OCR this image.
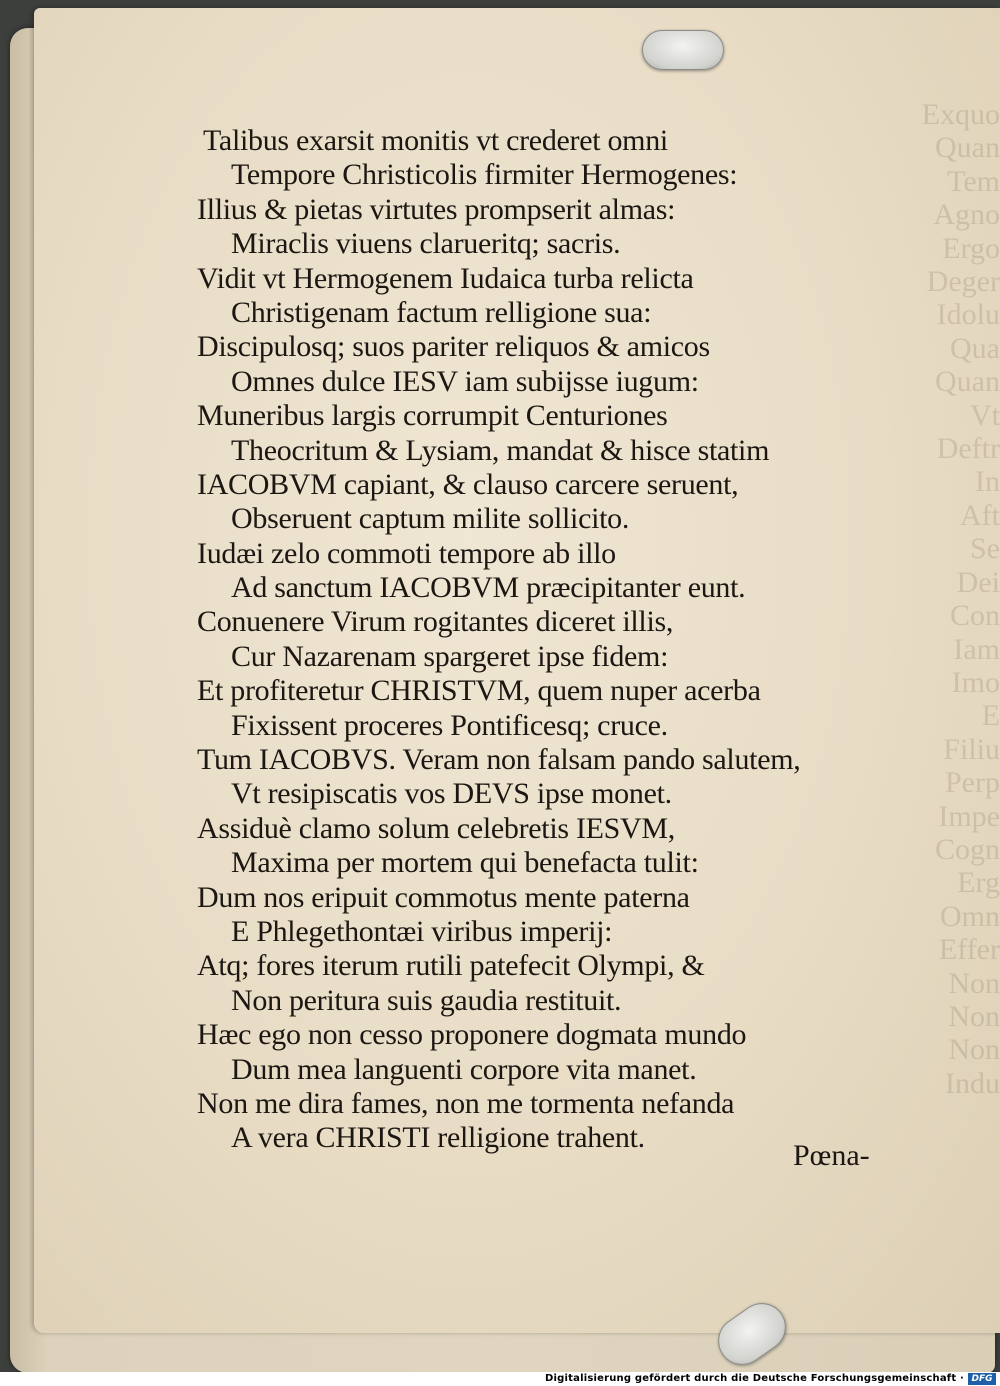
Exquo
Quan
Tem
Agno
Ergo
Deger
Idolu
Qua
Quan
Vt
Deftr
In
Aft
Se
Dei
Con
Iam
Imo
E
Filiu
Perp
Impe
Cogn
Erg
Omn
Effer
Non
Non
Non
Indu
Talibus exarsit monitis vt crederet omni
Tempore Christicolis firmiter Hermogenes:
Illius & pietas virtutes prompserit almas:
Miraclis viuens clarueritq; sacris.
Vidit vt Hermogenem Iudaica turba relicta
Christigenam factum relligione sua:
Discipulosq; suos pariter reliquos & amicos
Omnes dulce IESV iam subijsse iugum:
Muneribus largis corrumpit Centuriones
Theocritum & Lysiam, mandat & hisce statim
IACOBVM capiant, & clauso carcere seruent,
Obseruent captum milite sollicito.
Iudæi zelo commoti tempore ab illo
Ad sanctum IACOBVM præcipitanter eunt.
Conuenere Virum rogitantes diceret illis,
Cur Nazarenam spargeret ipse fidem:
Et profiteretur CHRISTVM, quem nuper acerba
Fixissent proceres Pontificesq; cruce.
Tum IACOBVS. Veram non falsam pando salutem,
Vt resipiscatis vos DEVS ipse monet.
Assiduè clamo solum celebretis IESVM,
Maxima per mortem qui benefacta tulit:
Dum nos eripuit commotus mente paterna
E Phlegethontæi viribus imperij:
Atq; fores iterum rutili patefecit Olympi, &
Non peritura suis gaudia restituit.
Hæc ego non cesso proponere dogmata mundo
Dum mea languenti corpore vita manet.
Non me dira fames, non me tormenta nefanda
A vera CHRISTI relligione trahent.
Pœna-
Digitalisierung gefördert durch die Deutsche Forschungsgemeinschaft · DFG
